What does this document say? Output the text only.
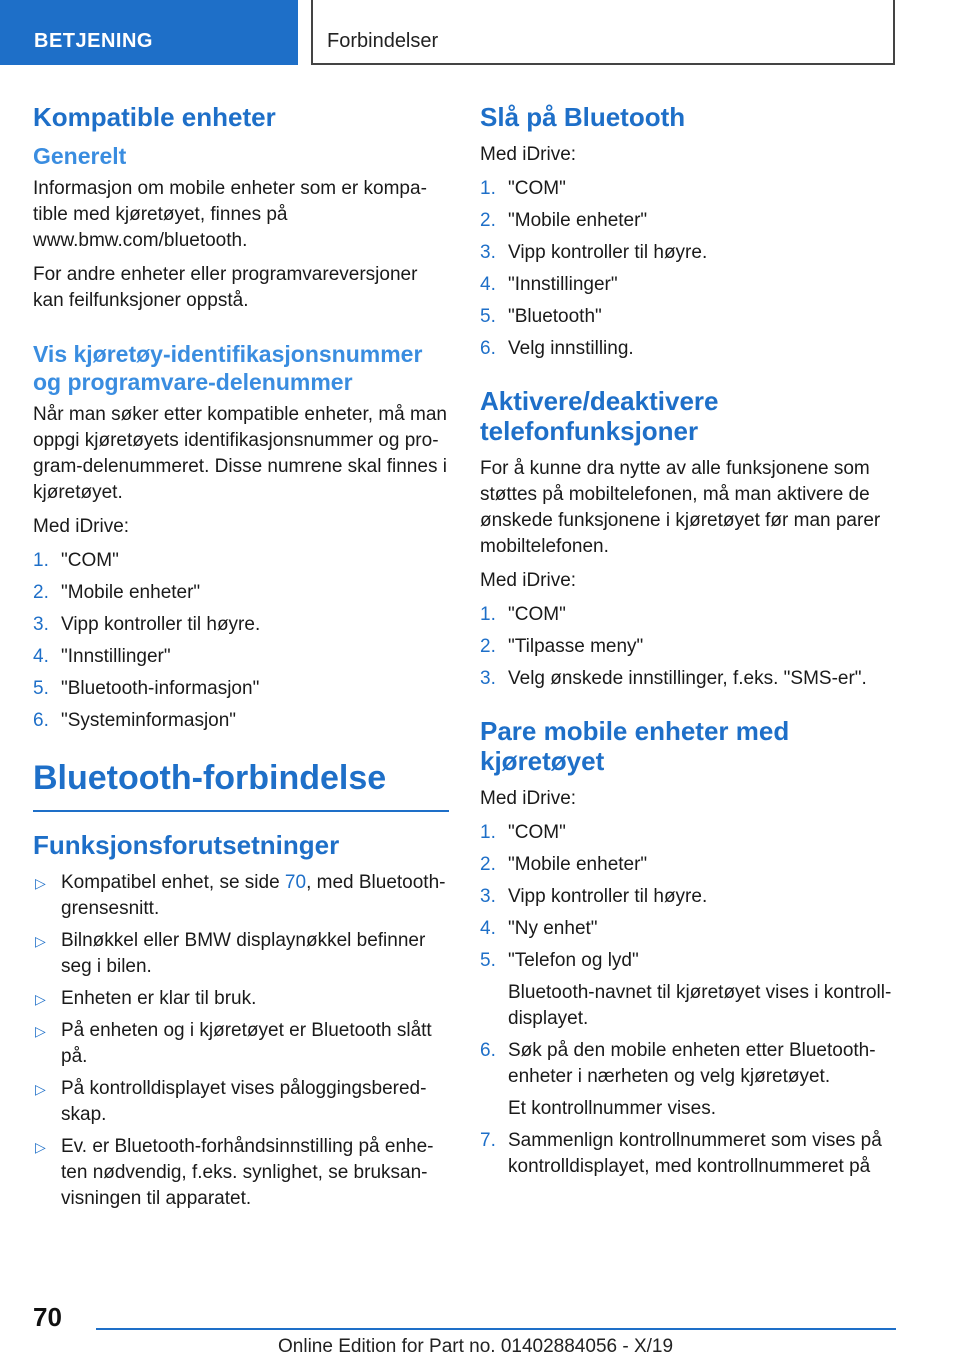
BETJENING	Forbindelser
Kompatible enheter
Generelt
Informasjon om mobile enheter som er kompatible med kjøretøyet, finnes på www.bmw.com/bluetooth.
For andre enheter eller programvareversjoner kan feilfunksjoner oppstå.
Vis kjøretøy-identifikasjonsnummer og programvare-delenummer
Når man søker etter kompatible enheter, må man oppgi kjøretøyets identifikasjonsnummer og program-delenummeret. Disse numrene skal finnes i kjøretøyet.
Med iDrive:
1. "COM"
2. "Mobile enheter"
3. Vipp kontroller til høyre.
4. "Innstillinger"
5. "Bluetooth-informasjon"
6. "Systeminformasjon"
Bluetooth-forbindelse
Funksjonsforutsetninger
▷ Kompatibel enhet, se side 70, med Bluetooth-grensesnitt.
▷ Bilnøkkel eller BMW displaynøkkel befinner seg i bilen.
▷ Enheten er klar til bruk.
▷ På enheten og i kjøretøyet er Bluetooth slått på.
▷ På kontrolldisplayet vises påloggingsberedskap.
▷ Ev. er Bluetooth-forhåndsinnstilling på enheten nødvendig, f.eks. synlighet, se bruksanvisningen til apparatet.
Slå på Bluetooth
Med iDrive:
1. "COM"
2. "Mobile enheter"
3. Vipp kontroller til høyre.
4. "Innstillinger"
5. "Bluetooth"
6. Velg innstilling.
Aktivere/deaktivere telefonfunksjoner
For å kunne dra nytte av alle funksjonene som støttes på mobiltelefonen, må man aktivere de ønskede funksjonene i kjøretøyet før man parer mobiltelefonen.
Med iDrive:
1. "COM"
2. "Tilpasse meny"
3. Velg ønskede innstillinger, f.eks. "SMS-er".
Pare mobile enheter med kjøretøyet
Med iDrive:
1. "COM"
2. "Mobile enheter"
3. Vipp kontroller til høyre.
4. "Ny enhet"
5. "Telefon og lyd"
Bluetooth-navnet til kjøretøyet vises i kontrolldisplayet.
6. Søk på den mobile enheten etter Bluetooth-enheter i nærheten og velg kjøretøyet.
Et kontrollnummer vises.
7. Sammenlign kontrollnummeret som vises på kontrolldisplayet, med kontrollnummeret på
70
Online Edition for Part no. 01402884056 - X/19
